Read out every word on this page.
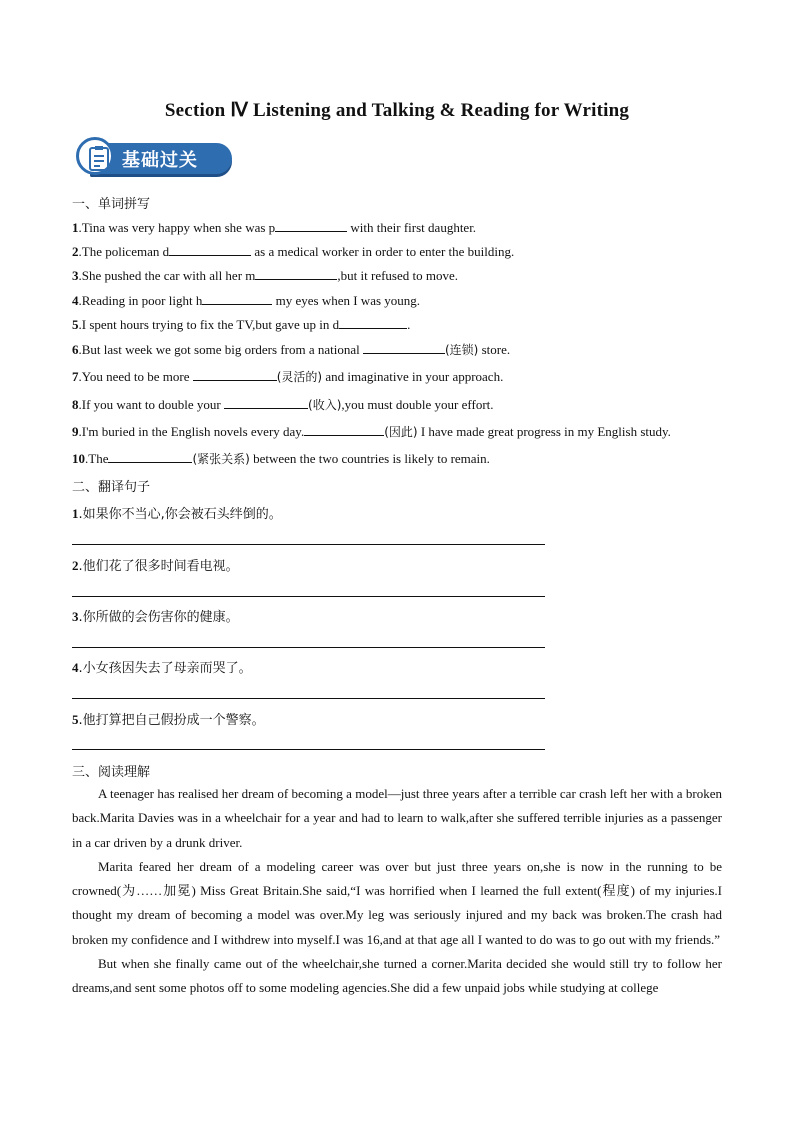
Section Ⅳ Listening and Talking & Reading for Writing
基础过关
一、单词拼写
1.Tina was very happy when she was p	with their first daughter.
2.The policeman d	as a medical worker in order to enter the building.
3.She pushed the car with all her m	,but it refused to move.
4.Reading in poor light h	my eyes when I was young.
5.I spent hours trying to fix the TV,but gave up in d	.
6.But last week we got some big orders from a national	(连锁) store.
7.You need to be more	(灵活的) and imaginative in your approach.
8.If you want to double your	(收入),you must double your effort.
9.I'm buried in the English novels every day.	(因此) I have made great progress in my English study.
10.The	(紧张关系) between the two countries is likely to remain.
二、翻译句子
1.如果你不当心,你会被石头绊倒的。
2.他们花了很多时间看电视。
3.你所做的会伤害你的健康。
4.小女孩因失去了母亲而哭了。
5.他打算把自己假扮成一个警察。
三、阅读理解

A teenager has realised her dream of becoming a model—just three years after a terrible car crash left her with a broken back.Marita Davies was in a wheelchair for a year and had to learn to walk,after she suffered terrible injuries as a passenger in a car driven by a drunk driver.

Marita feared her dream of a modeling career was over but just three years on,she is now in the running to be crowned(为……加冕) Miss Great Britain.She said,“I was horrified when I learned the full extent(程度) of my injuries.I thought my dream of becoming a model was over.My leg was seriously injured and my back was broken.The crash had broken my confidence and I withdrew into myself.I was 16,and at that age all I wanted to do was to go out with my friends.”

But when she finally came out of the wheelchair,she turned a corner.Marita decided she would still try to follow her dreams,and sent some photos off to some modeling agencies.She did a few unpaid jobs while studying at college
